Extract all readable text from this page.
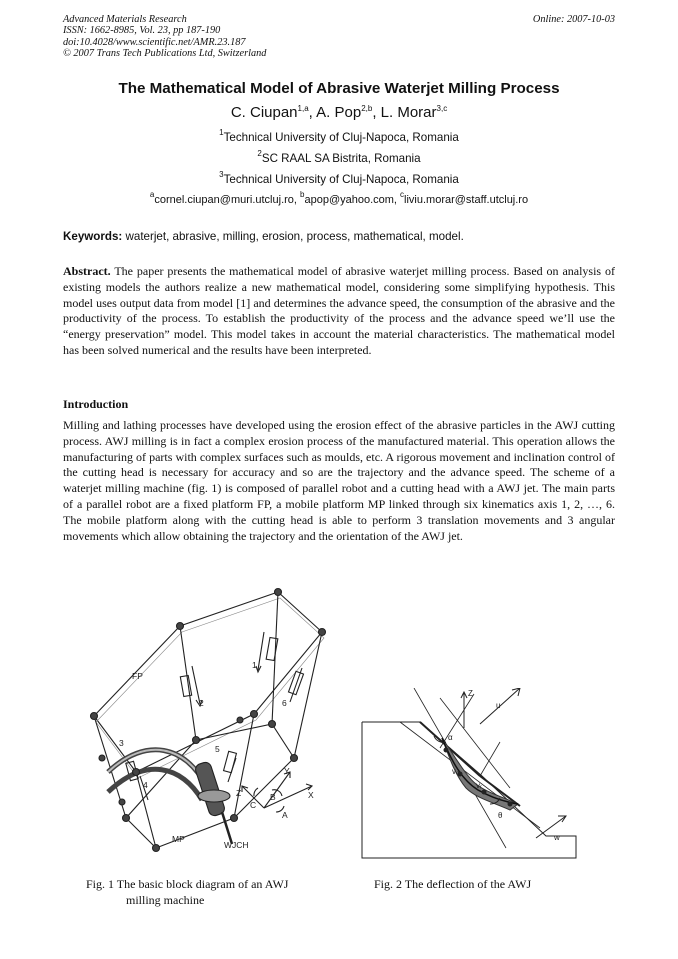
Advanced Materials Research
ISSN: 1662-8985, Vol. 23, pp 187-190
doi:10.4028/www.scientific.net/AMR.23.187
© 2007 Trans Tech Publications Ltd, Switzerland
Online: 2007-10-03
The Mathematical Model of Abrasive Waterjet Milling Process
C. Ciupan$^{1,a}$, A. Pop$^{2,b}$, L. Morar$^{3,c}$
$^1$Technical University of Cluj-Napoca, Romania
$^2$SC RAAL SA Bistrita, Romania
$^3$Technical University of Cluj-Napoca, Romania
$^a$cornel.ciupan@muri.utcluj.ro, $^b$apop@yahoo.com, $^c$liviu.morar@staff.utcluj.ro
Keywords: waterjet, abrasive, milling, erosion, process, mathematical, model.

Abstract. The paper presents the mathematical model of abrasive waterjet milling process. Based on analysis of existing models the authors realize a new mathematical model, considering some simplifying hypothesis. This model uses output data from model [1] and determines the advance speed, the consumption of the abrasive and the productivity of the process. To establish the productivity of the process and the advance speed we’ll use the “energy preservation” model. This model takes in account the material characteristics. The mathematical model has been solved numerical and the results have been interpreted.

Introduction

Milling and lathing processes have developed using the erosion effect of the abrasive particles in the AWJ cutting process. AWJ milling is in fact a complex erosion process of the manufactured material. This operation allows the manufacturing of parts with complex surfaces such as moulds, etc. A rigorous movement and inclination control of the cutting head is necessary for accuracy and so are the trajectory and the advance speed. The scheme of a waterjet milling machine (fig. 1) is composed of parallel robot and a cutting head with a AWJ jet. The main parts of a parallel robot are a fixed platform FP, a mobile platform MP linked through six kinematics axis 1, 2, …, 6. The mobile platform along with the cutting head is able to perform 3 translation movements and 3 angular movements which allow obtaining the trajectory and the orientation of the AWJ jet.

FP
MP
WJCH
1
2
3
4
5
6
X
Y
Z
A
B
C
Z
u
w
α
θ
v₀
vᵣ
Fig. 1 The basic block diagram of an AWJ
milling machine
Fig. 2 The deflection of the AWJ
